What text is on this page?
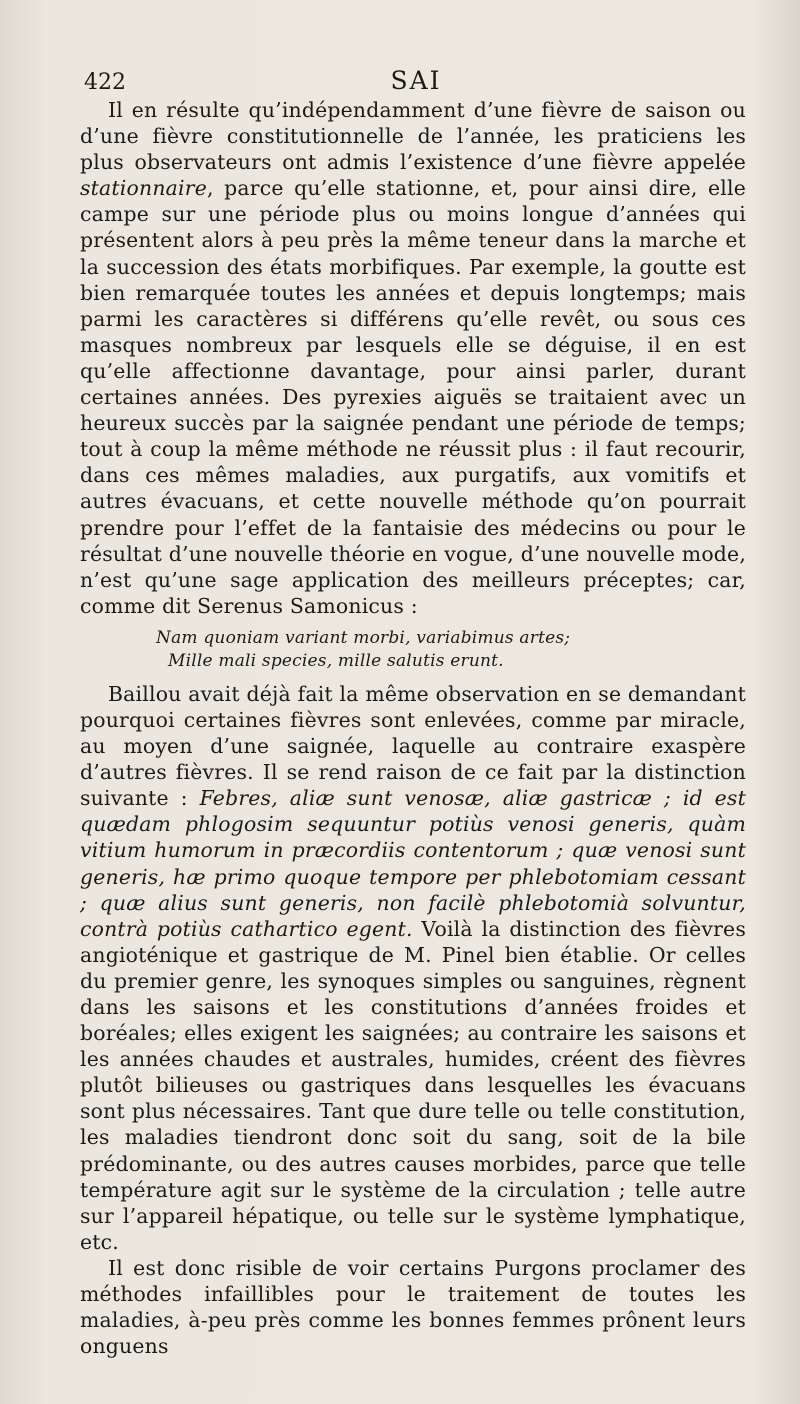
422	SAI

Il en résulte qu’indépendamment d’une fièvre de saison ou d’une fièvre constitutionnelle de l’année, les praticiens les plus observateurs ont admis l’existence d’une fièvre appelée stationnaire, parce qu’elle stationne, et, pour ainsi dire, elle campe sur une période plus ou moins longue d’années qui présentent alors à peu près la même teneur dans la marche et la succession des états morbifiques. Par exemple, la goutte est bien remarquée toutes les années et depuis longtemps; mais parmi les caractères si différens qu’elle revêt, ou sous ces masques nombreux par lesquels elle se déguise, il en est qu’elle affectionne davantage, pour ainsi parler, durant certaines années. Des pyrexies aiguës se traitaient avec un heureux succès par la saignée pendant une période de temps; tout à coup la même méthode ne réussit plus : il faut recourir, dans ces mêmes maladies, aux purgatifs, aux vomitifs et autres évacuans, et cette nouvelle méthode qu’on pourrait prendre pour l’effet de la fantaisie des médecins ou pour le résultat d’une nouvelle théorie en vogue, d’une nouvelle mode, n’est qu’une sage application des meilleurs préceptes; car, comme dit Serenus Samonicus :

Nam quoniam variant morbi, variabimus artes;
Mille mali species, mille salutis erunt.

Baillou avait déjà fait la même observation en se demandant pourquoi certaines fièvres sont enlevées, comme par miracle, au moyen d’une saignée, laquelle au contraire exaspère d’autres fièvres. Il se rend raison de ce fait par la distinction suivante : Febres, aliæ sunt venosæ, aliæ gastricæ ; id est quædam phlogosim sequuntur potiùs venosi generis, quàm vitium humorum in præcordiis contentorum ; quæ venosi sunt generis, hæ primo quoque tempore per phlebotomiam cessant ; quæ alius sunt generis, non facilè phlebotomià solvuntur, contrà potiùs cathartico egent. Voilà la distinction des fièvres angioténique et gastrique de M. Pinel bien établie. Or celles du premier genre, les synoques simples ou sanguines, règnent dans les saisons et les constitutions d’années froides et boréales; elles exigent les saignées; au contraire les saisons et les années chaudes et australes, humides, créent des fièvres plutôt bilieuses ou gastriques dans lesquelles les évacuans sont plus nécessaires. Tant que dure telle ou telle constitution, les maladies tiendront donc soit du sang, soit de la bile prédominante, ou des autres causes morbides, parce que telle température agit sur le système de la circulation ; telle autre sur l’appareil hépatique, ou telle sur le système lymphatique, etc.

Il est donc risible de voir certains Purgons proclamer des méthodes infaillibles pour le traitement de toutes les maladies, à-peu près comme les bonnes femmes prônent leurs onguens
